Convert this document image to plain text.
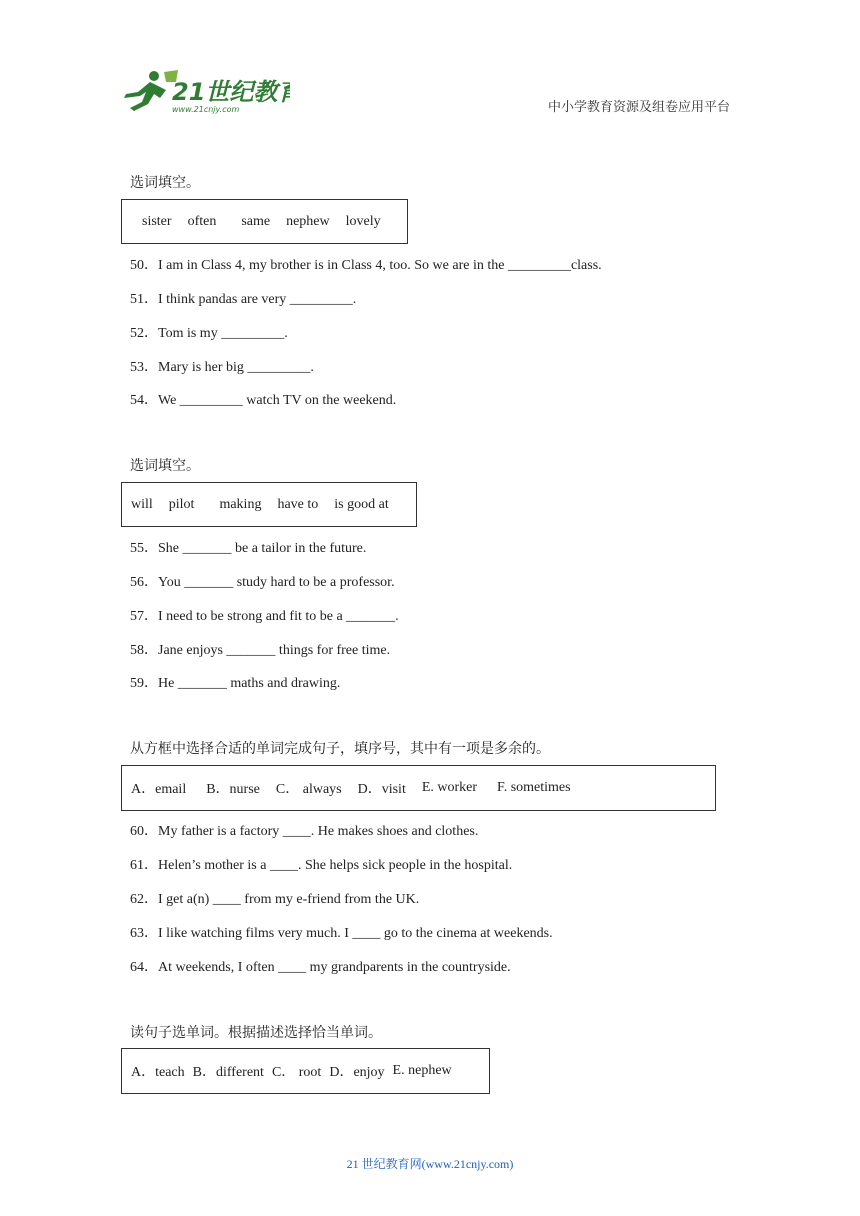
21世纪教育
www.21cnjy.com	中小学教育资源及组卷应用平台
选词填空。
sister often same nephew lovely
50．I am in Class 4, my brother is in Class 4, too. So we are in the _________class.
51．I think pandas are very _________.
52．Tom is my _________.
53．Mary is her big _________.
54．We _________ watch TV on the weekend.
选词填空。
will pilot making have to is good at
55．She _______ be a tailor in the future.
56．You _______ study hard to be a professor.
57．I need to be strong and fit to be a _______.
58．Jane enjoys _______ things for free time.
59．He _______ maths and drawing.
从方框中选择合适的单词完成句子，填序号，其中有一项是多余的。
A．email B．nurse C． always D．visit E. worker F. sometimes
60．My father is a factory ____. He makes shoes and clothes.
61．Helen’s mother is a ____. She helps sick people in the hospital.
62．I get a(n) ____ from my e-friend from the UK.
63．I like watching films very much. I ____ go to the cinema at weekends.
64．At weekends, I often ____ my grandparents in the countryside.
读句子选单词。根据描述选择恰当单词。
A．teach B．different C． root D．enjoy E. nephew
21 世纪教育网(www.21cnjy.com)
